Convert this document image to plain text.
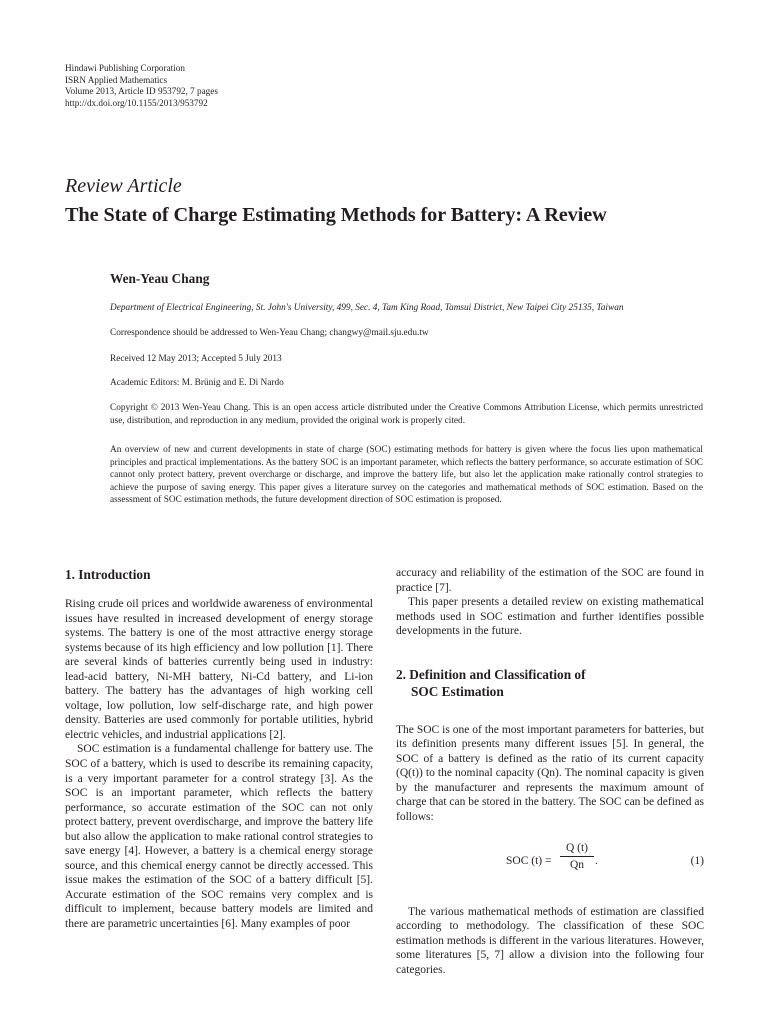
Hindawi Publishing Corporation
ISRN Applied Mathematics
Volume 2013, Article ID 953792, 7 pages
http://dx.doi.org/10.1155/2013/953792
Review Article
The State of Charge Estimating Methods for Battery: A Review
Wen-Yeau Chang
Department of Electrical Engineering, St. John's University, 499, Sec. 4, Tam King Road, Tamsui District, New Taipei City 25135, Taiwan
Correspondence should be addressed to Wen-Yeau Chang; changwy@mail.sju.edu.tw
Received 12 May 2013; Accepted 5 July 2013
Academic Editors: M. Brünig and E. Di Nardo
Copyright © 2013 Wen-Yeau Chang. This is an open access article distributed under the Creative Commons Attribution License, which permits unrestricted use, distribution, and reproduction in any medium, provided the original work is properly cited.
An overview of new and current developments in state of charge (SOC) estimating methods for battery is given where the focus lies upon mathematical principles and practical implementations. As the battery SOC is an important parameter, which reflects the battery performance, so accurate estimation of SOC cannot only protect battery, prevent overcharge or discharge, and improve the battery life, but also let the application make rationally control strategies to achieve the purpose of saving energy. This paper gives a literature survey on the categories and mathematical methods of SOC estimation. Based on the assessment of SOC estimation methods, the future development direction of SOC estimation is proposed.
1. Introduction

Rising crude oil prices and worldwide awareness of environmental issues have resulted in increased development of energy storage systems. The battery is one of the most attractive energy storage systems because of its high efficiency and low pollution [1]. There are several kinds of batteries currently being used in industry: lead-acid battery, Ni-MH battery, Ni-Cd battery, and Li-ion battery. The battery has the advantages of high working cell voltage, low pollution, low self-discharge rate, and high power density. Batteries are used commonly for portable utilities, hybrid electric vehicles, and industrial applications [2].

SOC estimation is a fundamental challenge for battery use. The SOC of a battery, which is used to describe its remaining capacity, is a very important parameter for a control strategy [3]. As the SOC is an important parameter, which reflects the battery performance, so accurate estimation of the SOC can not only protect battery, prevent overdischarge, and improve the battery life but also allow the application to make rational control strategies to save energy [4]. However, a battery is a chemical energy storage source, and this chemical energy cannot be directly accessed. This issue makes the estimation of the SOC of a battery difficult [5]. Accurate estimation of the SOC remains very complex and is difficult to implement, because battery models are limited and there are parametric uncertainties [6]. Many examples of poor

accuracy and reliability of the estimation of the SOC are found in practice [7].

This paper presents a detailed review on existing mathematical methods used in SOC estimation and further identifies possible developments in the future.

2. Definition and Classification of
SOC Estimation

The SOC is one of the most important parameters for batteries, but its definition presents many different issues [5]. In general, the SOC of a battery is defined as the ratio of its current capacity (Q(t)) to the nominal capacity (Qn). The nominal capacity is given by the manufacturer and represents the maximum amount of charge that can be stored in the battery. The SOC can be defined as follows:

SOC (t) =
Q (t)
Qn .	(1)

The various mathematical methods of estimation are classified according to methodology. The classification of these SOC estimation methods is different in the various literatures. However, some literatures [5, 7] allow a division into the following four categories.
